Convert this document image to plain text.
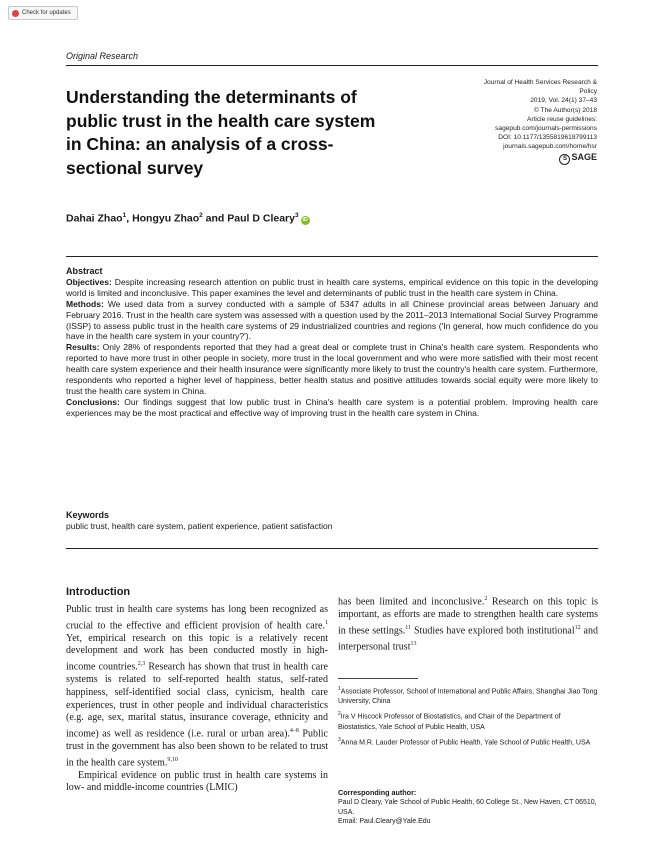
Check for updates
Original Research
Understanding the determinants of public trust in the health care system in China: an analysis of a cross-sectional survey
Journal of Health Services Research &
Policy
2019, Vol. 24(1) 37–43
© The Author(s) 2018
Article reuse guidelines:
sagepub.com/journals-permissions
DOI: 10.1177/1355819618799113
journals.sagepub.com/home/hsr
S SAGE
Dahai Zhao$^1$, Hongyu Zhao$^2$ and Paul D Cleary$^3$iD
Abstract

Objectives: Despite increasing research attention on public trust in health care systems, empirical evidence on this topic in the developing world is limited and inconclusive. This paper examines the level and determinants of public trust in the health care system in China.

Methods: We used data from a survey conducted with a sample of 5347 adults in all Chinese provincial areas between January and February 2016. Trust in the health care system was assessed with a question used by the 2011–2013 International Social Survey Programme (ISSP) to assess public trust in the health care systems of 29 industrialized countries and regions ('In general, how much confidence do you have in the health care system in your country?').

Results: Only 28% of respondents reported that they had a great deal or complete trust in China's health care system. Respondents who reported to have more trust in other people in society, more trust in the local government and who were more satisfied with their most recent health care system experience and their health insurance were significantly more likely to trust the country's health care system. Furthermore, respondents who reported a higher level of happiness, better health status and positive attitudes towards social equity were more likely to trust the health care system in China.

Conclusions: Our findings suggest that low public trust in China's health care system is a potential problem. Improving health care experiences may be the most practical and effective way of improving trust in the health care system in China.

Keywords
public trust, health care system, patient experience, patient satisfaction
Introduction

Public trust in health care systems has long been recognized as crucial to the effective and efficient provision of health care.$^1$ Yet, empirical research on this topic is a relatively recent development and work has been conducted mostly in high-income countries.$^{2,3}$ Research has shown that trust in health care systems is related to self-reported health status, self-rated happiness, self-identified social class, cynicism, health care experiences, trust in other people and individual characteristics (e.g. age, sex, marital status, insurance coverage, ethnicity and income) as well as residence (i.e. rural or urban area).$^{4-8}$ Public trust in the government has also been shown to be related to trust in the health care system.$^{9,10}$

Empirical evidence on public trust in health care systems in low- and middle-income countries (LMIC)

has been limited and inconclusive.$^2$ Research on this topic is important, as efforts are made to strengthen health care systems in these settings.$^{11}$ Studies have explored both institutional$^{12}$ and interpersonal trust$^{13}$

$^1$Associate Professor, School of International and Public Affairs, Shanghai Jiao Tong University, China

$^2$Ira V Hiscock Professor of Biostatistics, and Chair of the Department of Biostatistics, Yale School of Public Health, USA

$^3$Anna M.R. Lauder Professor of Public Health, Yale School of Public Health, USA

Corresponding author:

Paul D Cleary, Yale School of Public Health, 60 College St., New Haven, CT 06510, USA.

Email: Paul.Cleary@Yale.Edu
